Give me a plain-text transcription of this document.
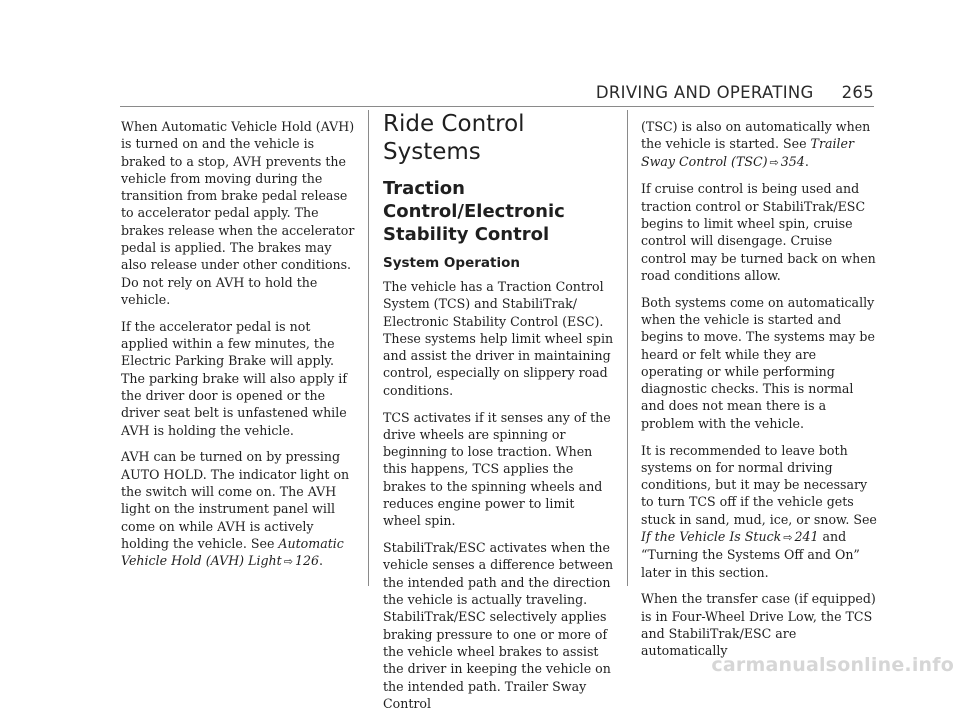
DRIVING AND OPERATING 265

When Automatic Vehicle Hold (AVH) is turned on and the vehicle is braked to a stop, AVH prevents the vehicle from moving during the transition from brake pedal release to accelerator pedal apply. The brakes release when the accelerator pedal is applied. The brakes may also release under other conditions. Do not rely on AVH to hold the vehicle.

If the accelerator pedal is not applied within a few minutes, the Electric Parking Brake will apply. The parking brake will also apply if the driver door is opened or the driver seat belt is unfastened while AVH is holding the vehicle.

AVH can be turned on by pressing AUTO HOLD. The indicator light on the switch will come on. The AVH light on the instrument panel will come on while AVH is actively holding the vehicle. See Automatic Vehicle Hold (AVH) Light ⇨ 126.

Ride Control Systems
Traction Control/Electronic Stability Control
System Operation

The vehicle has a Traction Control System (TCS) and StabiliTrak/ Electronic Stability Control (ESC). These systems help limit wheel spin and assist the driver in maintaining control, especially on slippery road conditions.

TCS activates if it senses any of the drive wheels are spinning or beginning to lose traction. When this happens, TCS applies the brakes to the spinning wheels and reduces engine power to limit wheel spin.

StabiliTrak/ESC activates when the vehicle senses a difference between the intended path and the direction the vehicle is actually traveling. StabiliTrak/ESC selectively applies braking pressure to one or more of the vehicle wheel brakes to assist the driver in keeping the vehicle on the intended path. Trailer Sway Control

(TSC) is also on automatically when the vehicle is started. See Trailer Sway Control (TSC) ⇨ 354.

If cruise control is being used and traction control or StabiliTrak/ESC begins to limit wheel spin, cruise control will disengage. Cruise control may be turned back on when road conditions allow.

Both systems come on automatically when the vehicle is started and begins to move. The systems may be heard or felt while they are operating or while performing diagnostic checks. This is normal and does not mean there is a problem with the vehicle.

It is recommended to leave both systems on for normal driving conditions, but it may be necessary to turn TCS off if the vehicle gets stuck in sand, mud, ice, or snow. See If the Vehicle Is Stuck ⇨ 241 and “Turning the Systems Off and On” later in this section.

When the transfer case (if equipped) is in Four-Wheel Drive Low, the TCS and StabiliTrak/ESC are automatically

carmanualsonline.info
